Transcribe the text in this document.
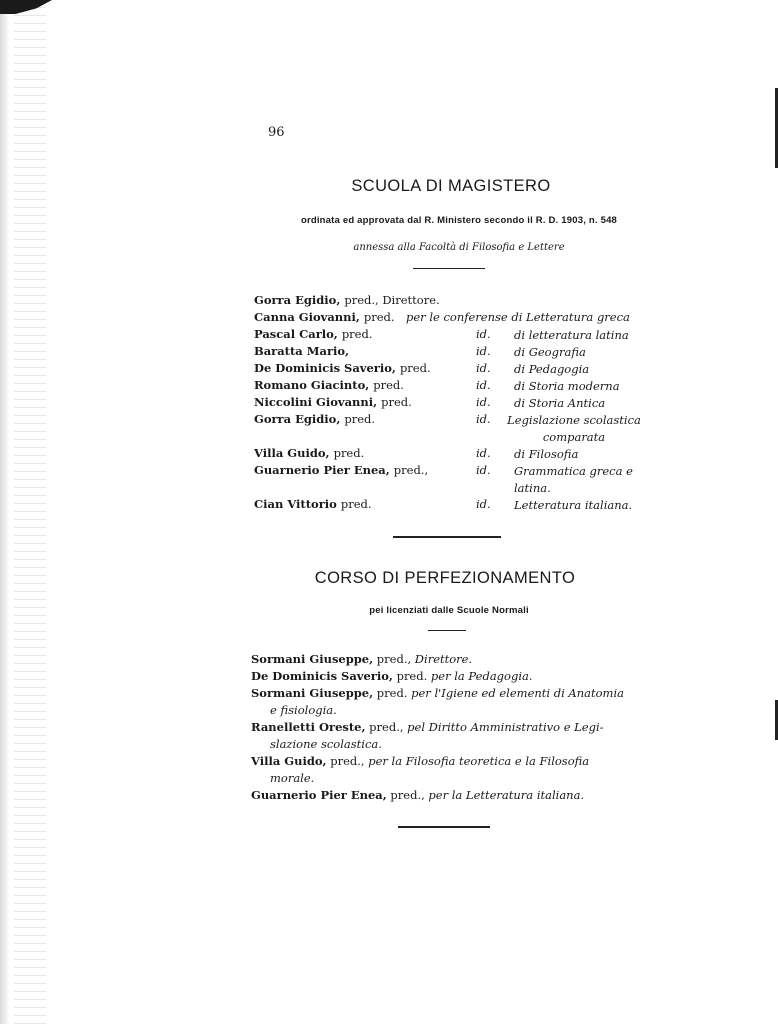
96
SCUOLA DI MAGISTERO
ordinata ed approvata dal R. Ministero secondo il R. D. 1903, n. 548
annessa alla Facoltà di Filosofia e Lettere
Gorra Egidio, pred., Direttore.
Canna Giovanni, pred. per le conferense di Letteratura greca
Pascal Carlo, pred.	id. di letteratura latina
Baratta Mario,	id. di Geografia
De Dominicis Saverio, pred.	id. di Pedagogia
Romano Giacinto, pred.	id. di Storia moderna
Niccolini Giovanni, pred.	id. di Storia Antica
Gorra Egidio, pred.	id. Legislazione scolastica comparata
Villa Guido, pred.	id. di Filosofia
Guarnerio Pier Enea, pred.,	id. Grammatica greca e latina.
Cian Vittorio pred.	id. Letteratura italiana.
CORSO DI PERFEZIONAMENTO
pei licenziati dalle Scuole Normali
Sormani Giuseppe, pred., Direttore.
De Dominicis Saverio, pred. per la Pedagogia.
Sormani Giuseppe, pred. per l'Igiene ed elementi di Anatomia
e fisiologia.
Ranelletti Oreste, pred., pel Diritto Amministrativo e Legi-
slazione scolastica.
Villa Guido, pred., per la Filosofia teoretica e la Filosofia
morale.
Guarnerio Pier Enea, pred., per la Letteratura italiana.
